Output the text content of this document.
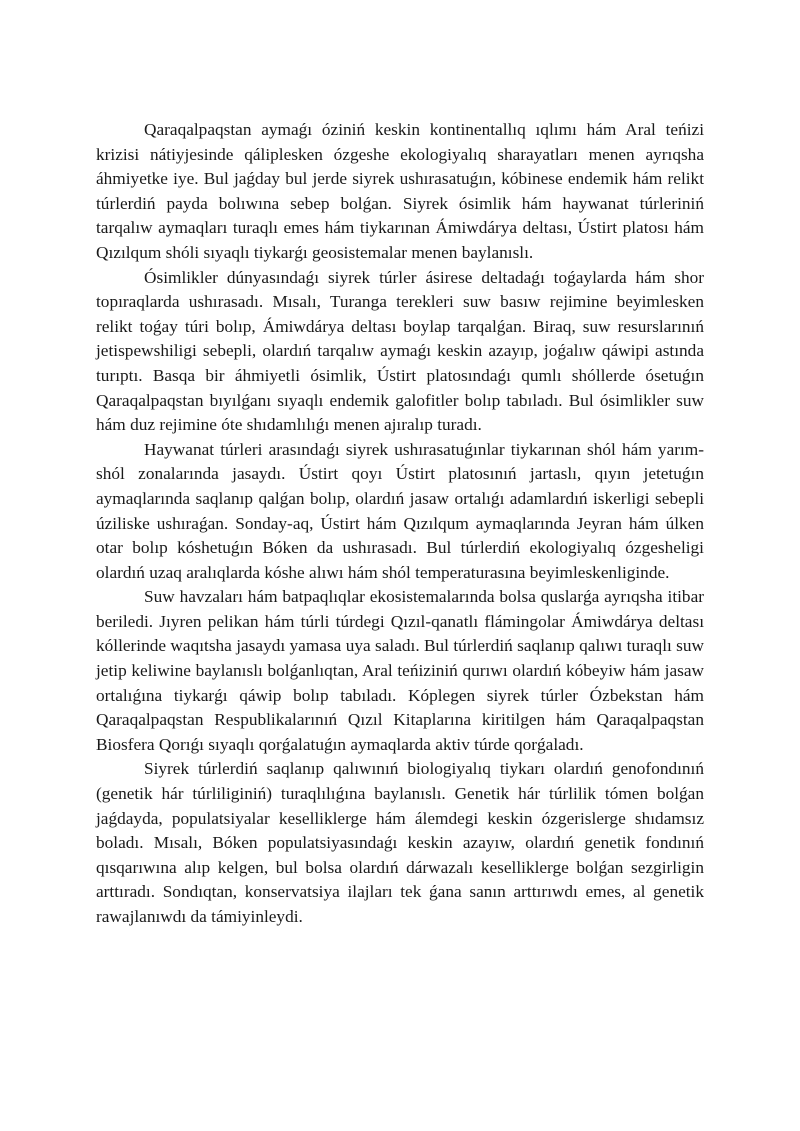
Qaraqalpaqstan aymaǵı óziniń keskin kontinentallıq ıqlımı hám Aral teńizi krizisi nátiyjesinde qáliplesken ózgeshe ekologiyalıq sharayatları menen ayrıqsha áhmiyetke iye. Bul jaǵday bul jerde siyrek ushırasatuǵın, kóbinese endemik hám relikt túrlerdiń payda bolıwına sebep bolǵan. Siyrek ósimlik hám haywanat túrleriniń tarqalıw aymaqları turaqlı emes hám tiykarınan Ámiwdárya deltası, Ústirt platosı hám Qızılqum shóli sıyaqlı tiykarǵı geosistemalar menen baylanıslı.

Ósimlikler dúnyasındaǵı siyrek túrler ásirese deltadaǵı toǵaylarda hám shor topıraqlarda ushırasadı. Mısalı, Turanga terekleri suw basıw rejimine beyimlesken relikt toǵay túri bolıp, Ámiwdárya deltası boylap tarqalǵan. Biraq, suw resurslarınıń jetispewshiligi sebepli, olardıń tarqalıw aymaǵı keskin azayıp, joǵalıw qáwipi astında turıptı. Basqa bir áhmiyetli ósimlik, Ústirt platosındaǵı qumlı shóllerde ósetuǵın Qaraqalpaqstan bıyılǵanı sıyaqlı endemik galofitler bolıp tabıladı. Bul ósimlikler suw hám duz rejimine óte shıdamlılıǵı menen ajıralıp turadı.

Haywanat túrleri arasındaǵı siyrek ushırasatuǵınlar tiykarınan shól hám yarım-shól zonalarında jasaydı. Ústirt qoyı Ústirt platosınıń jartaslı, qıyın jetetuǵın aymaqlarında saqlanıp qalǵan bolıp, olardıń jasaw ortalıǵı adamlardıń iskerligi sebepli úziliske ushıraǵan. Sonday-aq, Ústirt hám Qızılqum aymaqlarında Jeyran hám úlken otar bolıp kóshetuǵın Bóken da ushırasadı. Bul túrlerdiń ekologiyalıq ózgesheligi olardıń uzaq aralıqlarda kóshe alıwı hám shól temperaturasına beyimleskenliginde.

Suw havzaları hám batpaqlıqlar ekosistemalarında bolsa quslarǵa ayrıqsha itibar beriledi. Jıyren pelikan hám túrli túrdegi Qızıl-qanatlı flámingolar Ámiwdárya deltası kóllerinde waqıtsha jasaydı yamasa uya saladı. Bul túrlerdiń saqlanıp qalıwı turaqlı suw jetip keliwine baylanıslı bolǵanlıqtan, Aral teńiziniń qurıwı olardıń kóbeyiw hám jasaw ortalıǵına tiykarǵı qáwip bolıp tabıladı. Kóplegen siyrek túrler Ózbekstan hám Qaraqalpaqstan Respublikalarınıń Qızıl Kitaplarına kiritilgen hám Qaraqalpaqstan Biosfera Qorıǵı sıyaqlı qorǵalatuǵın aymaqlarda aktiv túrde qorǵaladı.

Siyrek túrlerdiń saqlanıp qalıwınıń biologiyalıq tiykarı olardıń genofondınıń (genetik hár túrliliginiń) turaqlılıǵına baylanıslı. Genetik hár túrlilik tómen bolǵan jaǵdayda, populatsiyalar keselliklerge hám álemdegi keskin ózgerislerge shıdamsız boladı. Mısalı, Bóken populatsiyasındaǵı keskin azayıw, olardıń genetik fondınıń qısqarıwına alıp kelgen, bul bolsa olardıń dárwazalı keselliklerge bolǵan sezgirligin arttıradı. Sondıqtan, konservatsiya ilajları tek ǵana sanın arttırıwdı emes, al genetik rawajlanıwdı da támiyinleydi.
